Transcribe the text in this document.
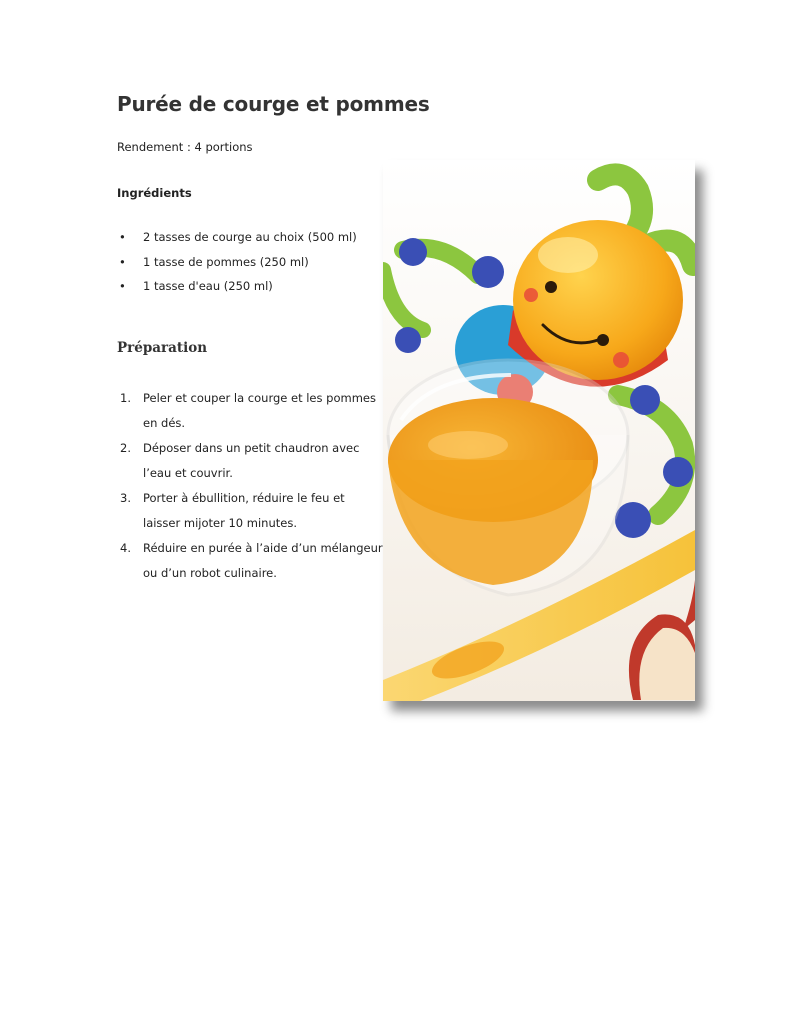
Purée de courge et pommes
Rendement : 4 portions
Ingrédients
• 2 tasses de courge au choix (500 ml)
• 1 tasse de pommes (250 ml)
• 1 tasse d'eau (250 ml)
Préparation
1. Peler et couper la courge et les pommes en dés.
2. Déposer dans un petit chaudron avec l’eau et couvrir.
3. Porter à ébullition, réduire le feu et laisser mijoter 10 minutes.
4. Réduire en purée à l’aide d’un mélangeur ou d’un robot culinaire.
